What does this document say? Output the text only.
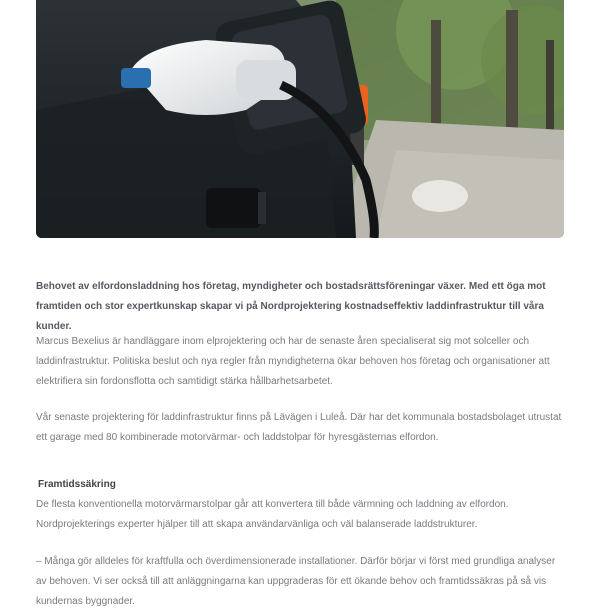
Behovet av elfordonsladdning hos företag, myndigheter och bostadsrättsföreningar växer. Med ett öga mot framtiden och stor expertkunskap skapar vi på Nordprojektering kostnadseffektiv laddinfrastruktur till våra kunder.

Marcus Bexelius är handläggare inom elprojektering och har de senaste åren specialiserat sig mot solceller och laddinfrastruktur. Politiska beslut och nya regler från myndigheterna ökar behoven hos företag och organisationer att elektrifiera sin fordonsflotta och samtidigt stärka hållbarhetsarbetet.

Vår senaste projektering för laddinfrastruktur finns på Lävägen i Luleå. Där har det kommunala bostadsbolaget utrustat ett garage med 80 kombinerade motorvärmar- och laddstolpar för hyresgästernas elfordon.

Framtidssäkring

De flesta konventionella motorvärmarstolpar går att konvertera till både värmning och laddning av elfordon. Nordprojekterings experter hjälper till att skapa användarvänliga och väl balanserade laddstrukturer.

– Många gör alldeles för kraftfulla och överdimensionerade installationer. Därför börjar vi först med grundliga analyser av behoven. Vi ser också till att anläggningarna kan uppgraderas för ett ökande behov och framtidssäkras på så vis kundernas byggnader.
